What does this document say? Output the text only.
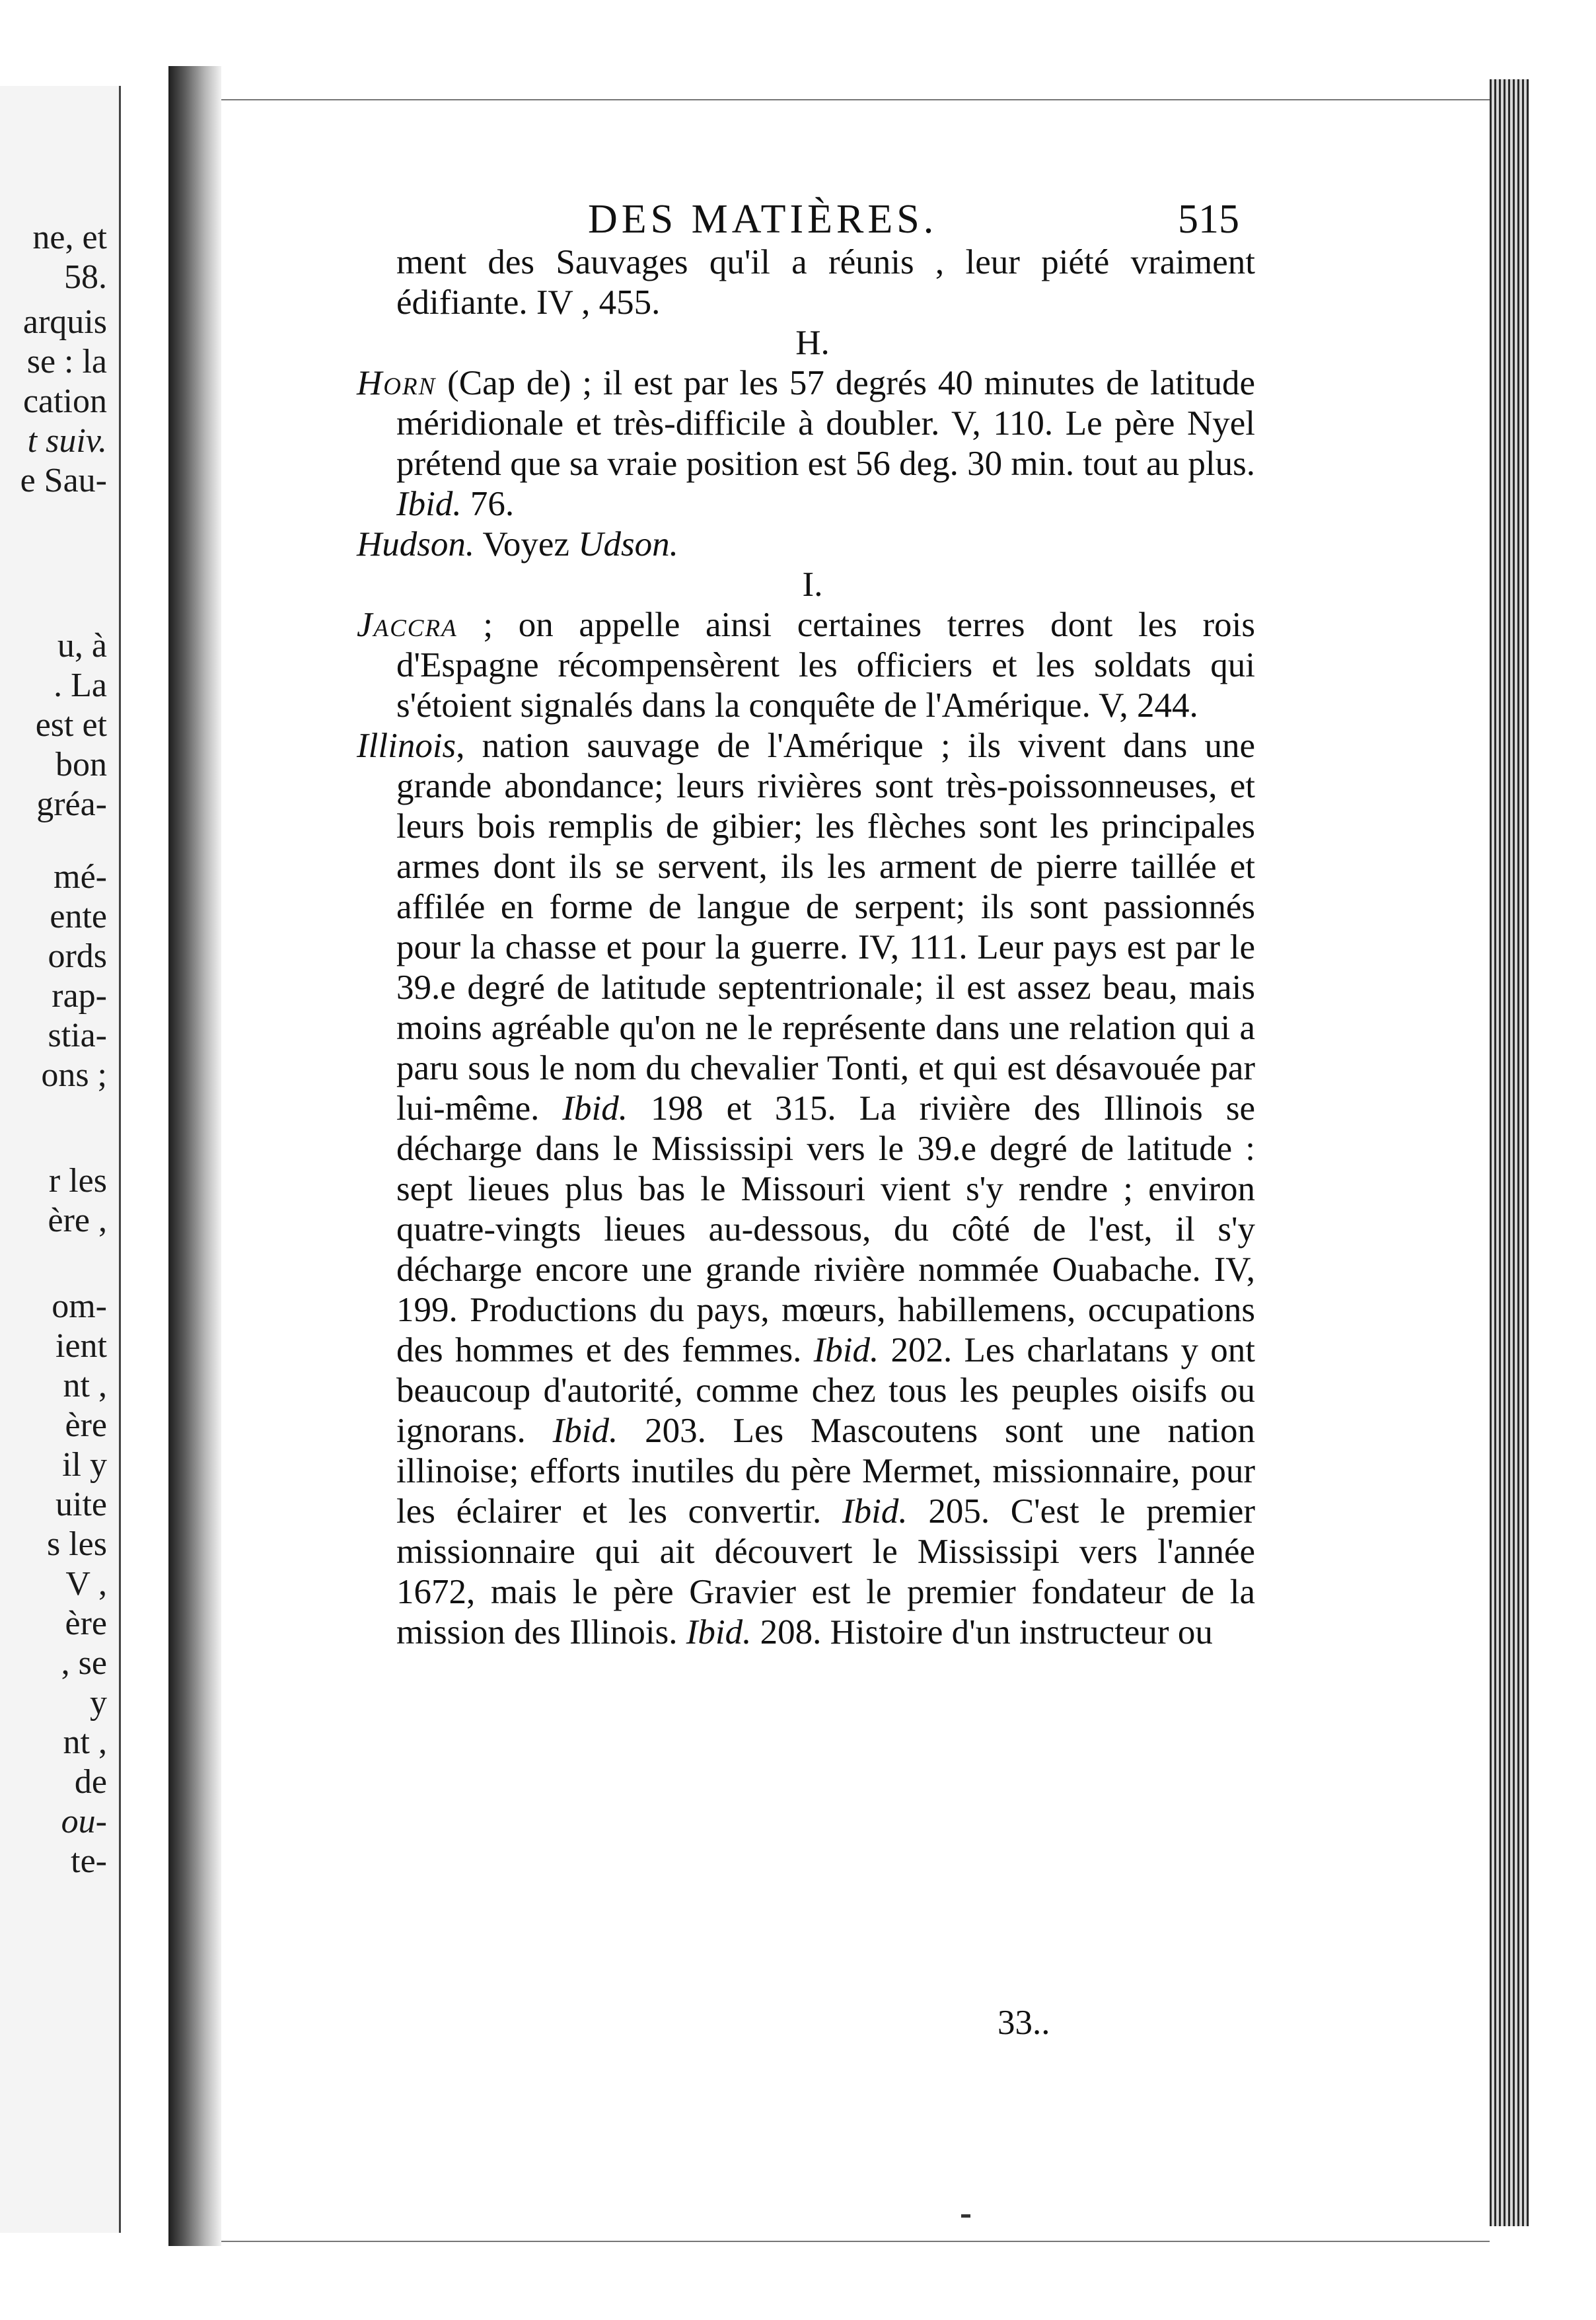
ne, et
58.
arquis
se : la
cation
t suiv.
e Sau-
u, à
. La
est et
bon
gréa-
mé-
ente
ords
rap-
stia-
ons ;
r les
ère ,
om-
ient
nt ,
ère
il y
uite
s les
V ,
ère
, se
y
nt ,
de
ou-
te-
DES MATIÈRES.	515

ment des Sauvages qu'il a réunis , leur piété vraiment édifiante. IV , 455.

H.

Horn (Cap de) ; il est par les 57 degrés 40 minutes de latitude méridionale et très-difficile à doubler. V, 110. Le père Nyel prétend que sa vraie position est 56 deg. 30 min. tout au plus. Ibid. 76.

Hudson. Voyez Udson.

I.

Jaccra ; on appelle ainsi certaines terres dont les rois d'Espagne récompensèrent les officiers et les soldats qui s'étoient signalés dans la conquête de l'Amérique. V, 244.

Illinois, nation sauvage de l'Amérique ; ils vivent dans une grande abondance; leurs rivières sont très-poissonneuses, et leurs bois remplis de gibier; les flèches sont les principales armes dont ils se servent, ils les arment de pierre taillée et affilée en forme de langue de serpent; ils sont passionnés pour la chasse et pour la guerre. IV, 111. Leur pays est par le 39.e degré de latitude septentrionale; il est assez beau, mais moins agréable qu'on ne le représente dans une relation qui a paru sous le nom du chevalier Tonti, et qui est désavouée par lui-même. Ibid. 198 et 315. La rivière des Illinois se décharge dans le Mississipi vers le 39.e degré de latitude : sept lieues plus bas le Missouri vient s'y rendre ; environ quatre-vingts lieues au-dessous, du côté de l'est, il s'y décharge encore une grande rivière nommée Ouabache. IV, 199. Productions du pays, mœurs, habillemens, occupations des hommes et des femmes. Ibid. 202. Les charlatans y ont beaucoup d'autorité, comme chez tous les peuples oisifs ou ignorans. Ibid. 203. Les Mascoutens sont une nation illinoise; efforts inutiles du père Mermet, missionnaire, pour les éclairer et les convertir. Ibid. 205. C'est le premier missionnaire qui ait découvert le Mississipi vers l'année 1672, mais le père Gravier est le premier fondateur de la mission des Illinois. Ibid. 208. Histoire d'un instructeur ou

33..
